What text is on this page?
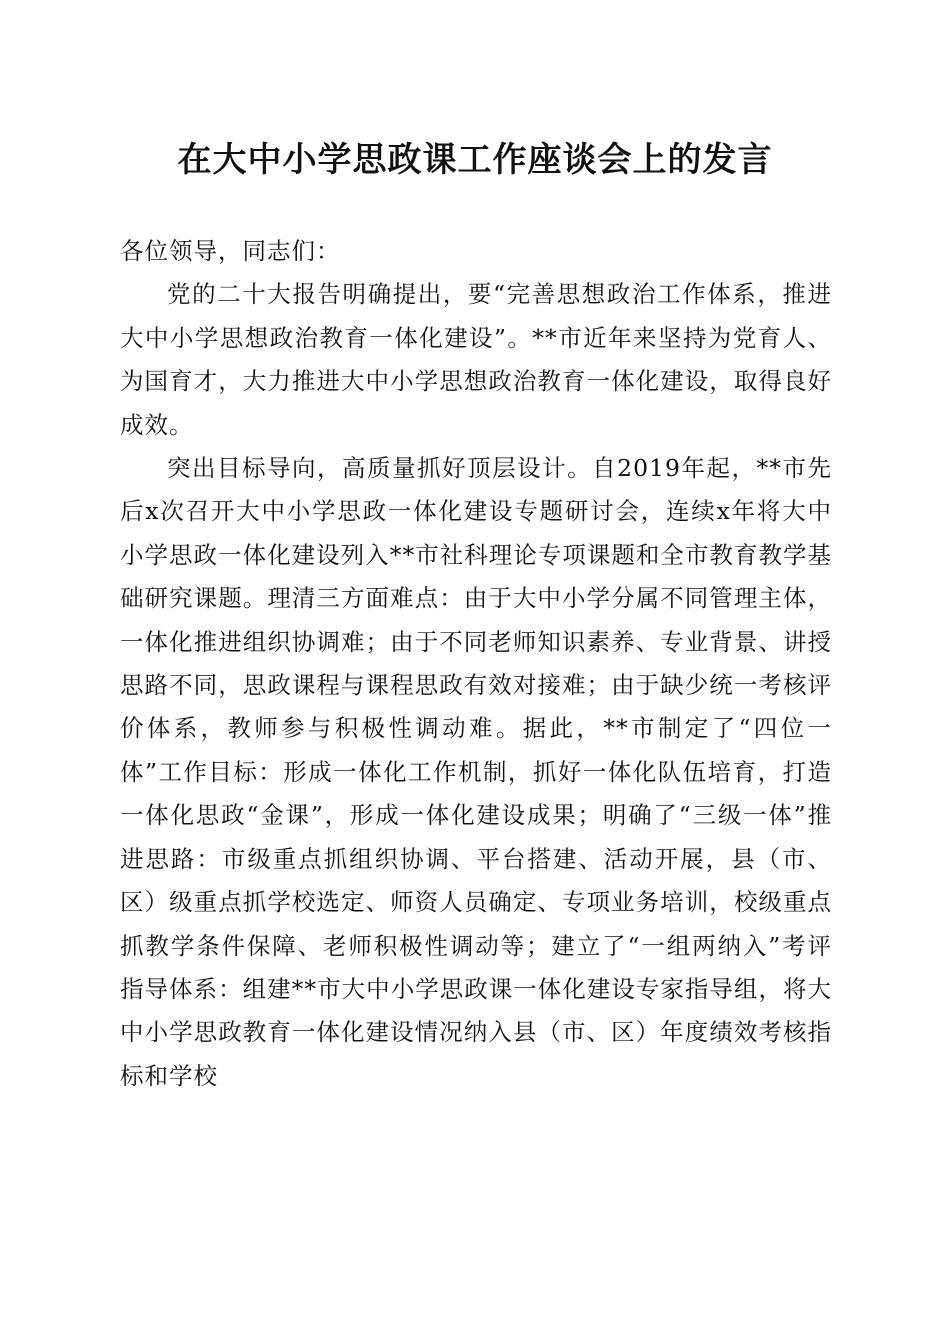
在大中小学思政课工作座谈会上的发言

各位领导，同志们：

党的二十大报告明确提出，要“完善思想政治工作体系，推进大中小学思想政治教育一体化建设”。**市近年来坚持为党育人、为国育才，大力推进大中小学思想政治教育一体化建设，取得良好成效。

突出目标导向，高质量抓好顶层设计。自2019年起，**市先后x次召开大中小学思政一体化建设专题研讨会，连续x年将大中小学思政一体化建设列入**市社科理论专项课题和全市教育教学基础研究课题。理清三方面难点：由于大中小学分属不同管理主体，一体化推进组织协调难；由于不同老师知识素养、专业背景、讲授思路不同，思政课程与课程思政有效对接难；由于缺少统一考核评价体系，教师参与积极性调动难。据此，**市制定了“四位一体”工作目标：形成一体化工作机制，抓好一体化队伍培育，打造一体化思政“金课”，形成一体化建设成果；明确了“三级一体”推进思路：市级重点抓组织协调、平台搭建、活动开展，县（市、区）级重点抓学校选定、师资人员确定、专项业务培训，校级重点抓教学条件保障、老师积极性调动等；建立了“一组两纳入”考评指导体系：组建**市大中小学思政课一体化建设专家指导组，将大中小学思政教育一体化建设情况纳入县（市、区）年度绩效考核指标和学校
